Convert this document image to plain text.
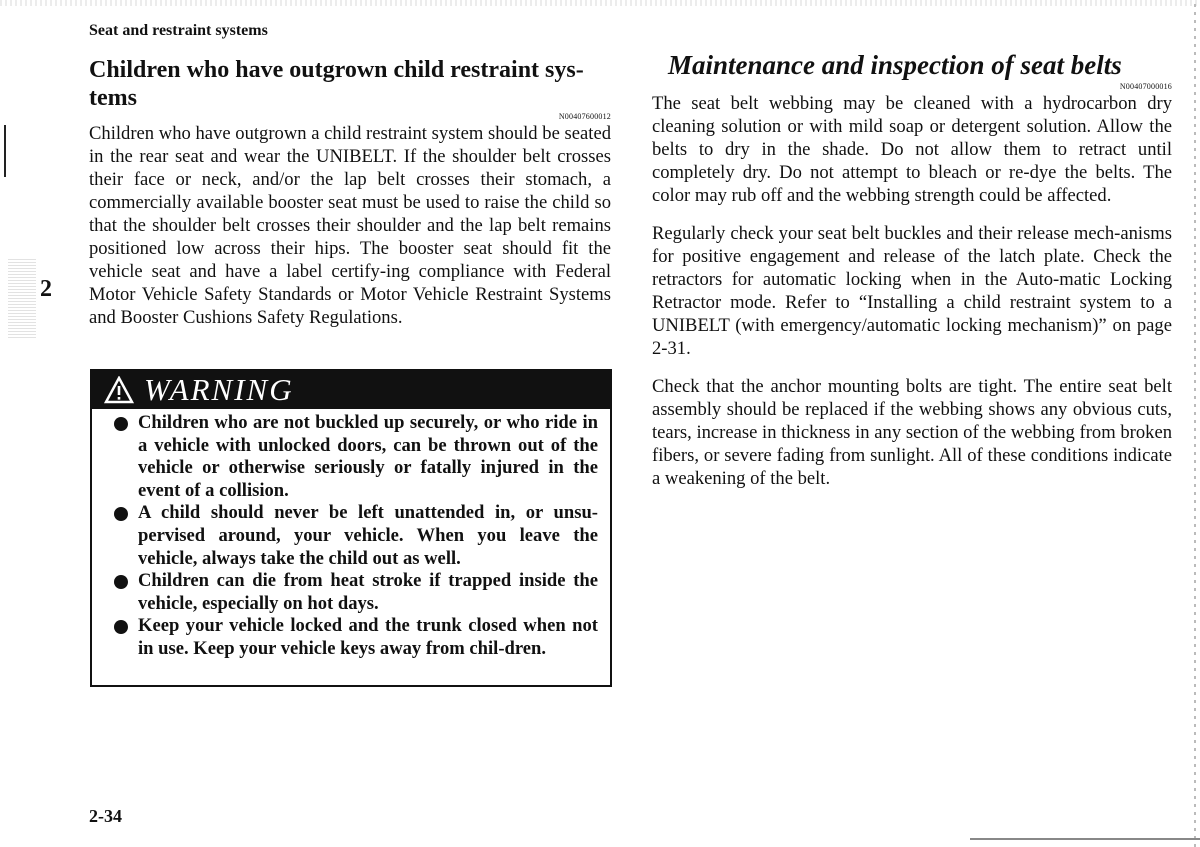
2
Seat and restraint systems
Children who have outgrown child restraint sys-tems

N00407600012

Children who have outgrown a child restraint system should be seated in the rear seat and wear the UNIBELT. If the shoulder belt crosses their face or neck, and/or the lap belt crosses their stomach, a commercially available booster seat must be used to raise the child so that the shoulder belt crosses their shoulder and the lap belt remains positioned low across their hips. The booster seat should fit the vehicle seat and have a label certify-ing compliance with Federal Motor Vehicle Safety Standards or Motor Vehicle Restraint Systems and Booster Cushions Safety Regulations.

WARNING
Children who are not buckled up securely, or who ride in a vehicle with unlocked doors, can be thrown out of the vehicle or otherwise seriously or fatally injured in the event of a collision.
A child should never be left unattended in, or unsu-pervised around, your vehicle. When you leave the vehicle, always take the child out as well.
Children can die from heat stroke if trapped inside the vehicle, especially on hot days.
Keep your vehicle locked and the trunk closed when not in use. Keep your vehicle keys away from chil-dren.
Maintenance and inspection of seat belts

N00407000016

The seat belt webbing may be cleaned with a hydrocarbon dry cleaning solution or with mild soap or detergent solution. Allow the belts to dry in the shade. Do not allow them to retract until completely dry. Do not attempt to bleach or re-dye the belts. The color may rub off and the webbing strength could be affected.

Regularly check your seat belt buckles and their release mech-anisms for positive engagement and release of the latch plate. Check the retractors for automatic locking when in the Auto-matic Locking Retractor mode. Refer to “Installing a child restraint system to a UNIBELT (with emergency/automatic locking mechanism)” on page 2-31.

Check that the anchor mounting bolts are tight. The entire seat belt assembly should be replaced if the webbing shows any obvious cuts, tears, increase in thickness in any section of the webbing from broken fibers, or severe fading from sunlight. All of these conditions indicate a weakening of the belt.

2-34
